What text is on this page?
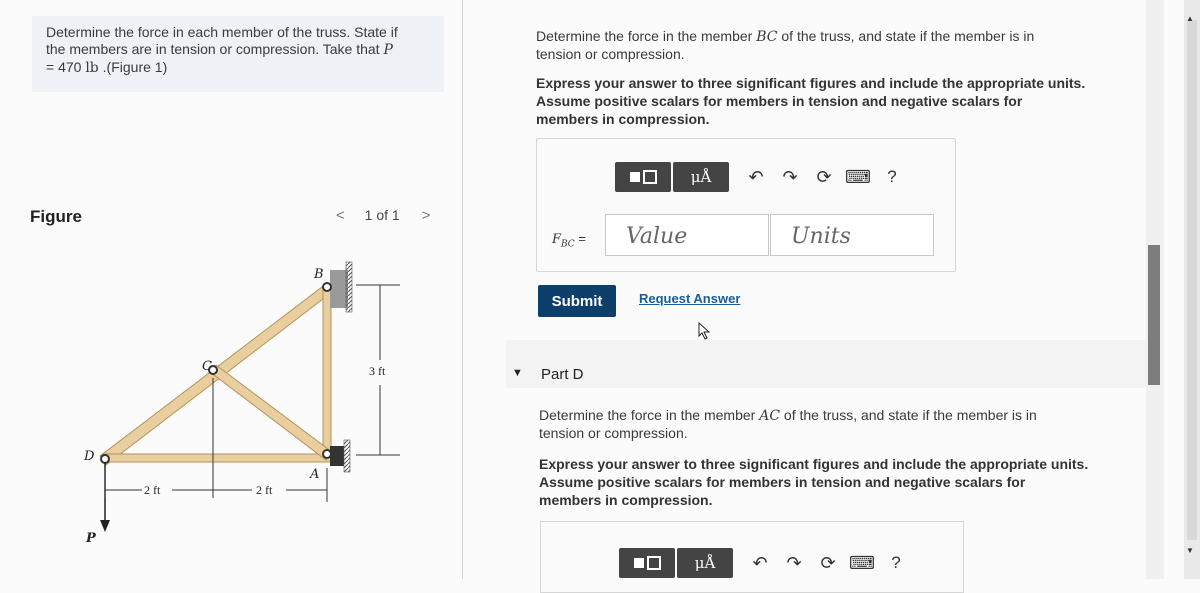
Determine the force in each member of the truss. State if
the members are in tension or compression. Take that P
= 470 lb .(Figure 1)
Figure	< 1 of 1 >
B
C
D
A
P
3 ft
2 ft	2 ft
Determine the force in the member BC of the truss, and state if the member is in
tension or compression.
Express your answer to three significant figures and include the appropriate units.
Assume positive scalars for members in tension and negative scalars for
members in compression.
μÅ	↶	↷	⟳ ⌨ ?
$F_{BC}$ = Value	Units
Submit	Request Answer
▼ Part D
Determine the force in the member AC of the truss, and state if the member is in
tension or compression.
Express your answer to three significant figures and include the appropriate units.
Assume positive scalars for members in tension and negative scalars for
members in compression.
μÅ	↶	↷	⟳ ⌨ ?
▲
▼
